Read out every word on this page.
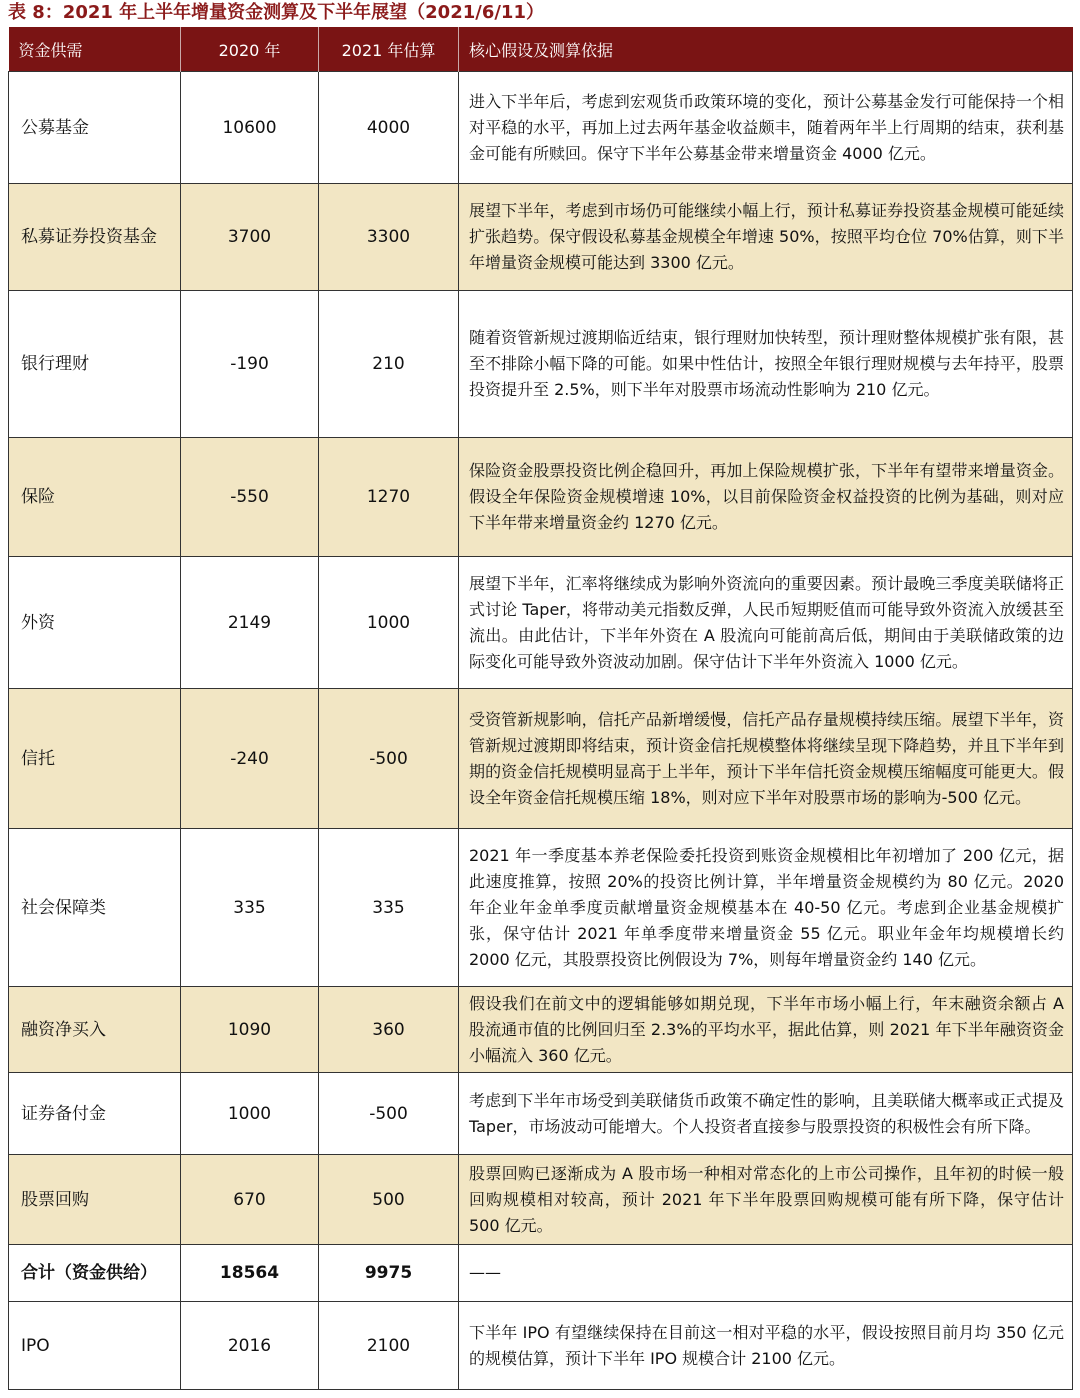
表 8：2021 年上半年增量资金测算及下半年展望（2021/6/11）
资金供需	2020 年	2021 年估算	核心假设及测算依据
公募基金	10600	4000	进入下半年后，考虑到宏观货币政策环境的变化，预计公募基金发行可能保持一个相对平稳的水平，再加上过去两年基金收益颇丰，随着两年半上行周期的结束，获利基金可能有所赎回。保守下半年公募基金带来增量资金 4000 亿元。
私募证券投资基金	3700	3300	展望下半年，考虑到市场仍可能继续小幅上行，预计私募证券投资基金规模可能延续扩张趋势。保守假设私募基金规模全年增速 50%，按照平均仓位 70%估算，则下半年增量资金规模可能达到 3300 亿元。
银行理财	-190	210	随着资管新规过渡期临近结束，银行理财加快转型，预计理财整体规模扩张有限，甚至不排除小幅下降的可能。如果中性估计，按照全年银行理财规模与去年持平，股票投资提升至 2.5%，则下半年对股票市场流动性影响为 210 亿元。
保险	-550	1270	保险资金股票投资比例企稳回升，再加上保险规模扩张，下半年有望带来增量资金。假设全年保险资金规模增速 10%，以目前保险资金权益投资的比例为基础，则对应下半年带来增量资金约 1270 亿元。
外资	2149	1000	展望下半年，汇率将继续成为影响外资流向的重要因素。预计最晚三季度美联储将正式讨论 Taper，将带动美元指数反弹，人民币短期贬值而可能导致外资流入放缓甚至流出。由此估计，下半年外资在 A 股流向可能前高后低，期间由于美联储政策的边际变化可能导致外资波动加剧。保守估计下半年外资流入 1000 亿元。
信托	-240	-500	受资管新规影响，信托产品新增缓慢，信托产品存量规模持续压缩。展望下半年，资管新规过渡期即将结束，预计资金信托规模整体将继续呈现下降趋势，并且下半年到期的资金信托规模明显高于上半年，预计下半年信托资金规模压缩幅度可能更大。假设全年资金信托规模压缩 18%，则对应下半年对股票市场的影响为-500 亿元。
社会保障类	335	335	2021 年一季度基本养老保险委托投资到账资金规模相比年初增加了 200 亿元，据此速度推算，按照 20%的投资比例计算，半年增量资金规模约为 80 亿元。2020 年企业年金单季度贡献增量资金规模基本在 40-50 亿元。考虑到企业基金规模扩张，保守估计 2021 年单季度带来增量资金 55 亿元。职业年金年均规模增长约 2000 亿元，其股票投资比例假设为 7%，则每年增量资金约 140 亿元。
融资净买入	1090	360	假设我们在前文中的逻辑能够如期兑现，下半年市场小幅上行，年末融资余额占 A 股流通市值的比例回归至 2.3%的平均水平，据此估算，则 2021 年下半年融资资金小幅流入 360 亿元。
证券备付金	1000	-500	考虑到下半年市场受到美联储货币政策不确定性的影响，且美联储大概率或正式提及 Taper，市场波动可能增大。个人投资者直接参与股票投资的积极性会有所下降。
股票回购	670	500	股票回购已逐渐成为 A 股市场一种相对常态化的上市公司操作，且年初的时候一般回购规模相对较高，预计 2021 年下半年股票回购规模可能有所下降，保守估计 500 亿元。
合计（资金供给）	18564	9975	——
IPO	2016	2100	下半年 IPO 有望继续保持在目前这一相对平稳的水平，假设按照目前月均 350 亿元的规模估算，预计下半年 IPO 规模合计 2100 亿元。
